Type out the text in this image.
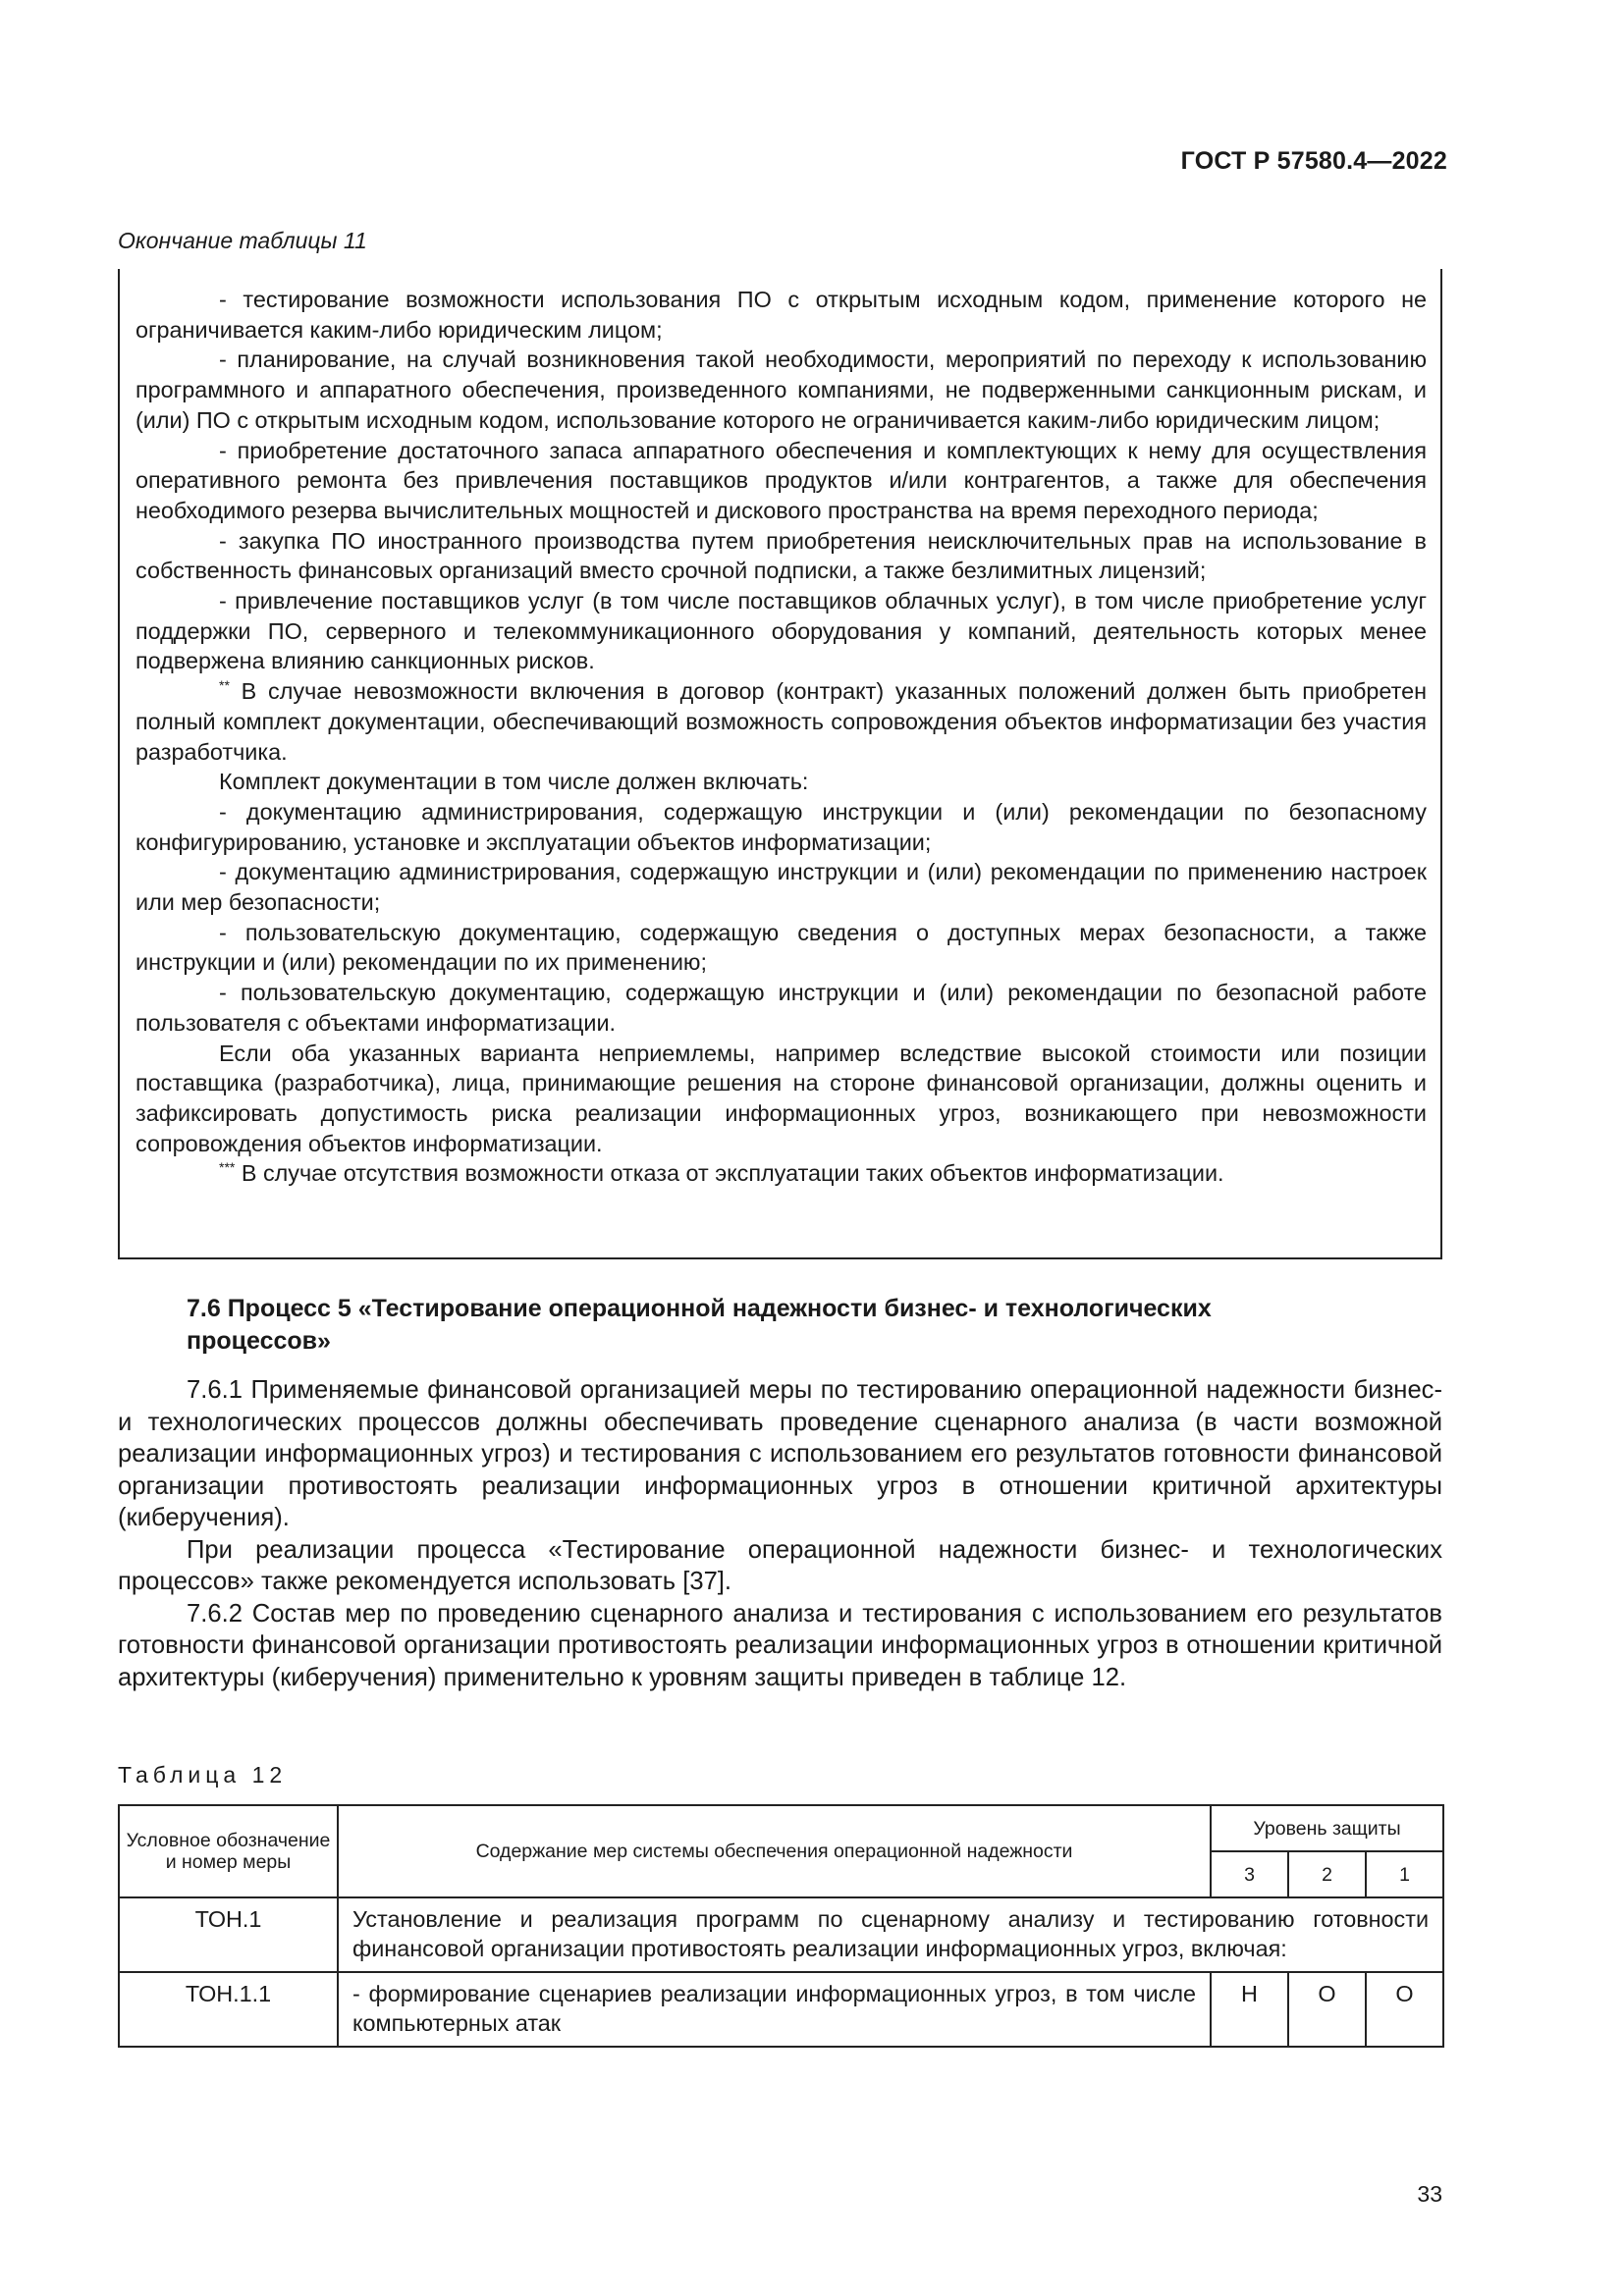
ГОСТ Р 57580.4—2022
Окончание таблицы 11

- тестирование возможности использования ПО с открытым исходным кодом, применение которого не ограничивается каким-либо юридическим лицом;

- планирование, на случай возникновения такой необходимости, мероприятий по переходу к использованию программного и аппаратного обеспечения, произведенного компаниями, не подверженными санкционным рискам, и (или) ПО с открытым исходным кодом, использование которого не ограничивается каким-либо юридическим лицом;

- приобретение достаточного запаса аппаратного обеспечения и комплектующих к нему для осуществления оперативного ремонта без привлечения поставщиков продуктов и/или контрагентов, а также для обеспечения необходимого резерва вычислительных мощностей и дискового пространства на время переходного периода;

- закупка ПО иностранного производства путем приобретения неисключительных прав на использование в собственность финансовых организаций вместо срочной подписки, а также безлимитных лицензий;

- привлечение поставщиков услуг (в том числе поставщиков облачных услуг), в том числе приобретение услуг поддержки ПО, серверного и телекоммуникационного оборудования у компаний, деятельность которых менее подвержена влиянию санкционных рисков.

** В случае невозможности включения в договор (контракт) указанных положений должен быть приобретен полный комплект документации, обеспечивающий возможность сопровождения объектов информатизации без участия разработчика.

Комплект документации в том числе должен включать:

- документацию администрирования, содержащую инструкции и (или) рекомендации по безопасному конфигурированию, установке и эксплуатации объектов информатизации;

- документацию администрирования, содержащую инструкции и (или) рекомендации по применению настроек или мер безопасности;

- пользовательскую документацию, содержащую сведения о доступных мерах безопасности, а также инструкции и (или) рекомендации по их применению;

- пользовательскую документацию, содержащую инструкции и (или) рекомендации по безопасной работе пользователя с объектами информатизации.

Если оба указанных варианта неприемлемы, например вследствие высокой стоимости или позиции поставщика (разработчика), лица, принимающие решения на стороне финансовой организации, должны оценить и зафиксировать допустимость риска реализации информационных угроз, возникающего при невозможности сопровождения объектов информатизации.

*** В случае отсутствия возможности отказа от эксплуатации таких объектов информатизации.

7.6 Процесс 5 «Тестирование операционной надежности бизнес- и технологических процессов»

7.6.1 Применяемые финансовой организацией меры по тестированию операционной надежности бизнес- и технологических процессов должны обеспечивать проведение сценарного анализа (в части возможной реализации информационных угроз) и тестирования с использованием его результатов готовности финансовой организации противостоять реализации информационных угроз в отношении критичной архитектуры (киберучения).

При реализации процесса «Тестирование операционной надежности бизнес- и технологических процессов» также рекомендуется использовать [37].

7.6.2 Состав мер по проведению сценарного анализа и тестирования с использованием его результатов готовности финансовой организации противостоять реализации информационных угроз в отношении критичной архитектуры (киберучения) применительно к уровням защиты приведен в таблице 12.

Таблица 12
Условное обозначение и номер меры	Содержание мер системы обеспечения операционной надежности	Уровень защиты		
		3	2	1
ТОН.1	Установление и реализация программ по сценарному анализу и тестированию готовности финансовой организации противостоять реализации информационных угроз, включая:			
ТОН.1.1	- формирование сценариев реализации информационных угроз, в том числе компьютерных атак	Н	О	О
33
